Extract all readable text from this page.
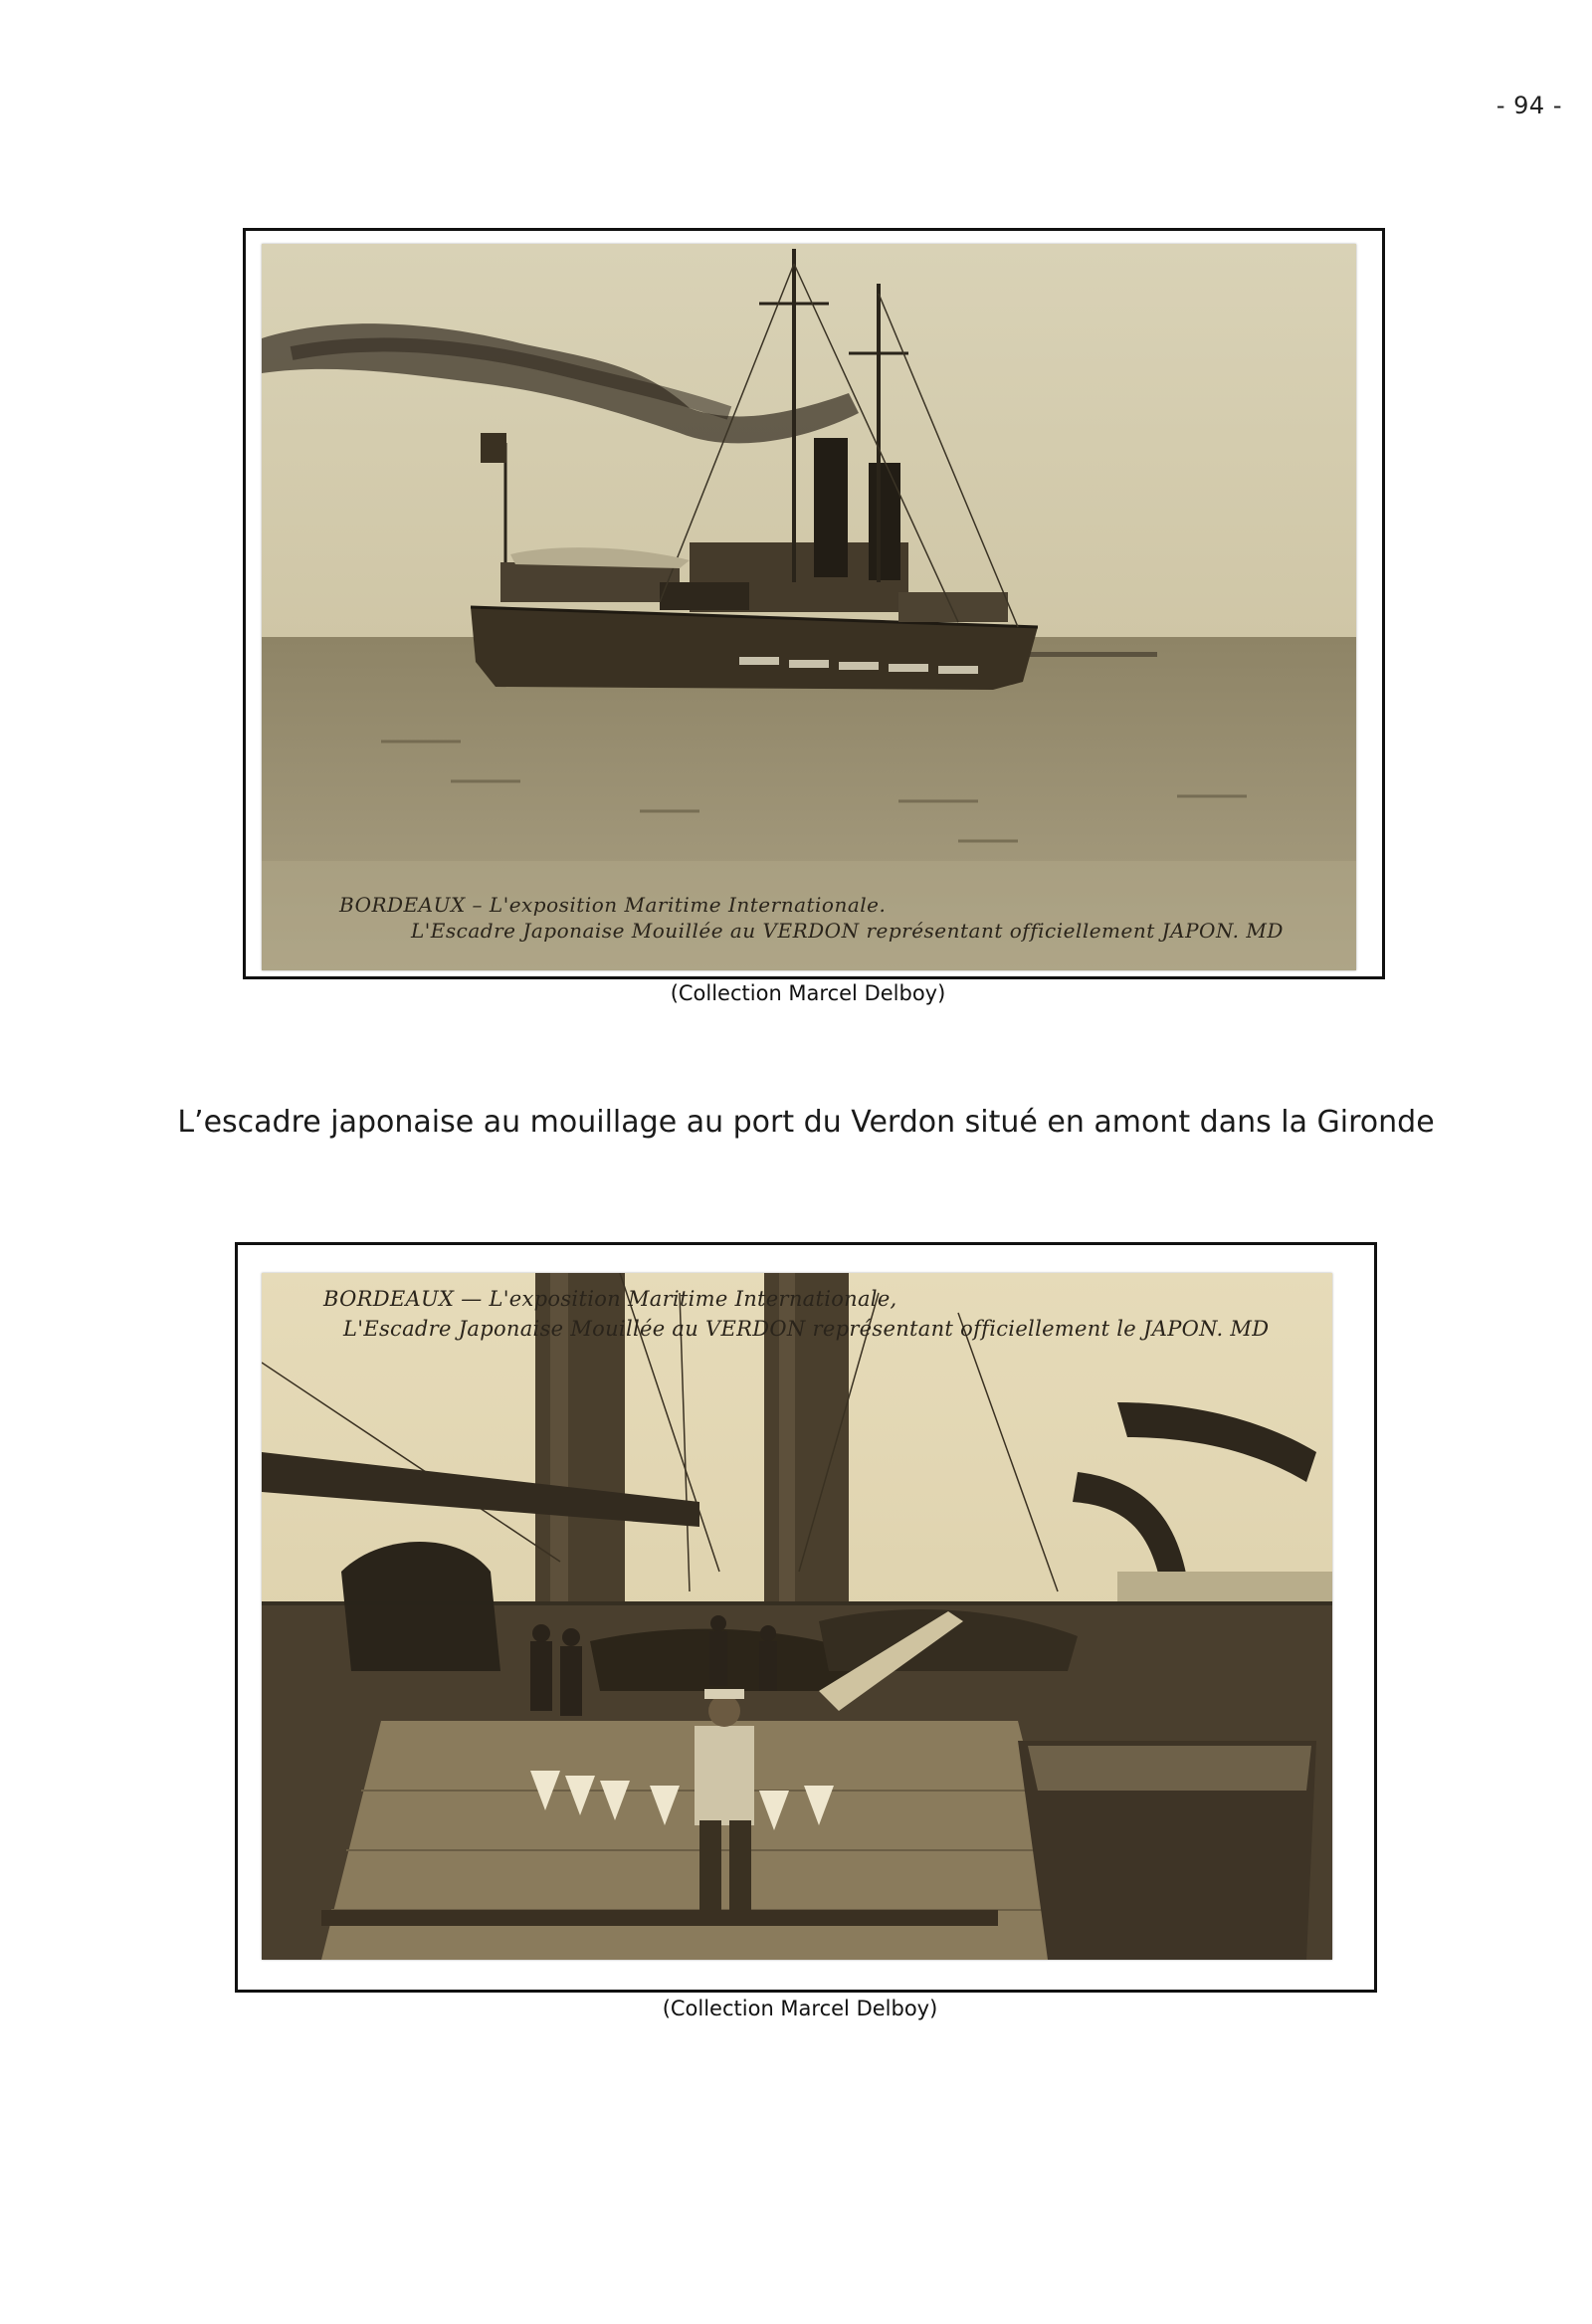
- 94 -
BORDEAUX – L'exposition Maritime Internationale.
L'Escadre Japonaise Mouillée au VERDON représentant officiellement JAPON. MD
(Collection Marcel Delboy)
L’escadre japonaise au mouillage au port du Verdon situé en amont dans la Gironde
BORDEAUX — L'exposition Maritime Internationale,
L'Escadre Japonaise Mouillée au VERDON représentant officiellement le JAPON. MD
(Collection Marcel Delboy)
